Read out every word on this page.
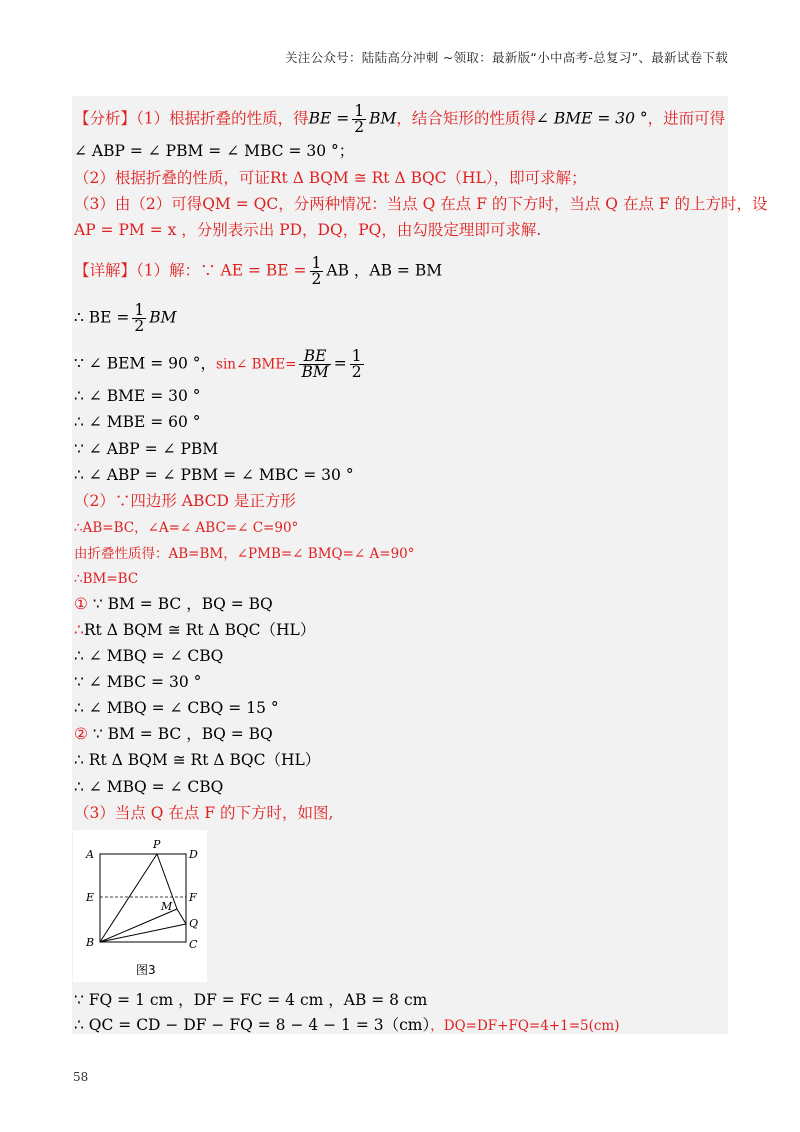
关注公众号：陆陆高分冲刺 ~领取：最新版“小中高考-总复习”、最新试卷下载
【分析】（1）根据折叠的性质，得BE = $\frac{1}{2}$ BM，结合矩形的性质得∠ BME = 30 °，进而可得
∠ ABP = ∠ PBM = ∠ MBC = 30 °；
（2）根据折叠的性质，可证Rt Δ BQM ≅ Rt Δ BQC（HL），即可求解；
（3）由（2）可得QM = QC，分两种情况：当点 Q 在点 F 的下方时，当点 Q 在点 F 的上方时，设
AP = PM = x ，分别表示出 PD，DQ，PQ，由勾股定理即可求解.
【详解】（1）解：∵ AE = BE = $\frac{1}{2}$ AB ，AB = BM
∴ BE = $\frac{1}{2}$ BM
∵ ∠ BEM = 90 °，sin∠ $BME= \frac{BE}{BM} = \frac{1}{2}$
∴ ∠ BME = 30 °
∴ ∠ MBE = 60 °
∵ ∠ ABP = ∠ PBM
∴ ∠ ABP = ∠ PBM = ∠ MBC = 30 °
（2）∵四边形 ABCD 是正方形
∴AB=BC，∠A=∠ ABC=∠ C=90°
由折叠性质得：AB=BM，∠PMB=∠ BMQ=∠ A=90°
∴BM=BC
① ∵ BM = BC ，BQ = BQ
∴Rt Δ BQM ≅ Rt Δ BQC（HL）
∴ ∠ MBQ = ∠ CBQ
∵ ∠ MBC = 30 °
∴ ∠ MBQ = ∠ CBQ = 15 °
② ∵ BM = BC ，BQ = BQ
∴ Rt Δ BQM ≅ Rt Δ BQC（HL）
∴ ∠ MBQ = ∠ CBQ
（3）当点 Q 在点 F 的下方时，如图,
A
P
D
E	F
M
Q
B	C
图3
∵ FQ = 1 cm ，DF = FC = 4 cm ，AB = 8 cm
∴ QC = CD − DF − FQ = 8 − 4 − 1 = 3（cm），DQ=DF+FQ=4+1=5(cm)
58
